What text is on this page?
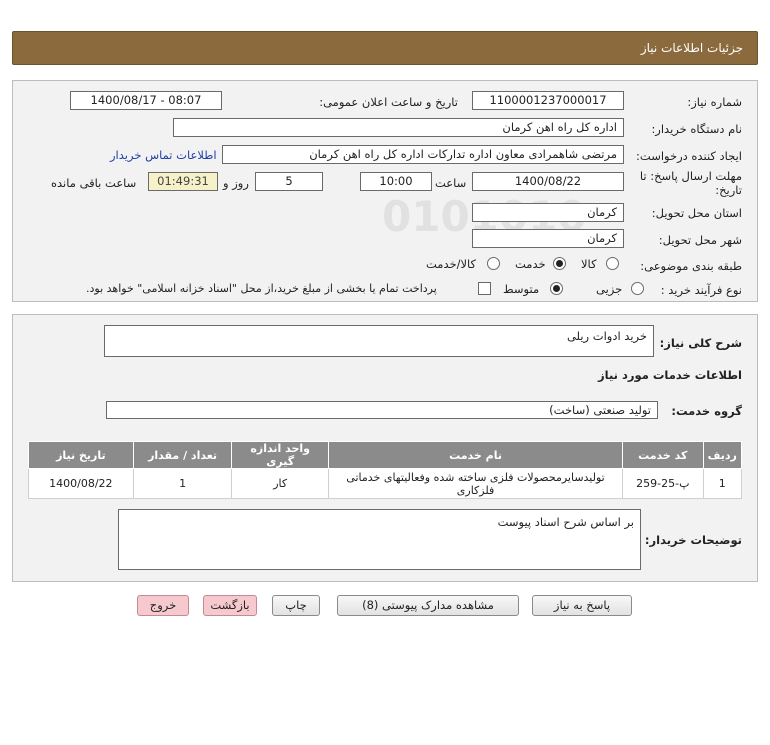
جزئیات اطلاعات نیاز
شماره نیاز:
1100001237000017
تاریخ و ساعت اعلان عمومی:
1400/08/17 - 08:07
نام دستگاه خریدار:
اداره کل راه اهن کرمان
ایجاد کننده درخواست:
مرتضی شاهمرادی معاون اداره تدارکات اداره کل راه اهن کرمان
اطلاعات تماس خریدار
مهلت ارسال پاسخ: تا
تاریخ:
1400/08/22
ساعت
10:00
5
روز و
01:49:31
ساعت باقی مانده
استان محل تحویل:
کرمان
شهر محل تحویل:
کرمان
طبقه بندی موضوعی:
کالا
خدمت
کالا/خدمت
نوع فرآیند خرید :
جزیی
متوسط
پرداخت تمام یا بخشی از مبلغ خرید،از محل "اسناد خزانه اسلامی" خواهد بود.
شرح کلی نیاز:
خرید ادوات ریلی
اطلاعات خدمات مورد نیاز
گروه خدمت:
تولید صنعتی (ساخت)
ردیف	کد خدمت	نام خدمت	واحد اندازه گیری	تعداد / مقدار	تاریخ نیاز
1	پ-25-259	تولیدسایرمحصولات فلزی ساخته شده وفعالیتهای خدماتی فلزکاری	کار	1	1400/08/22
توضیحات خریدار:
بر اساس شرح اسناد پیوست
پاسخ به نیاز
مشاهده مدارک پیوستی (8)
چاپ
بازگشت
خروج
